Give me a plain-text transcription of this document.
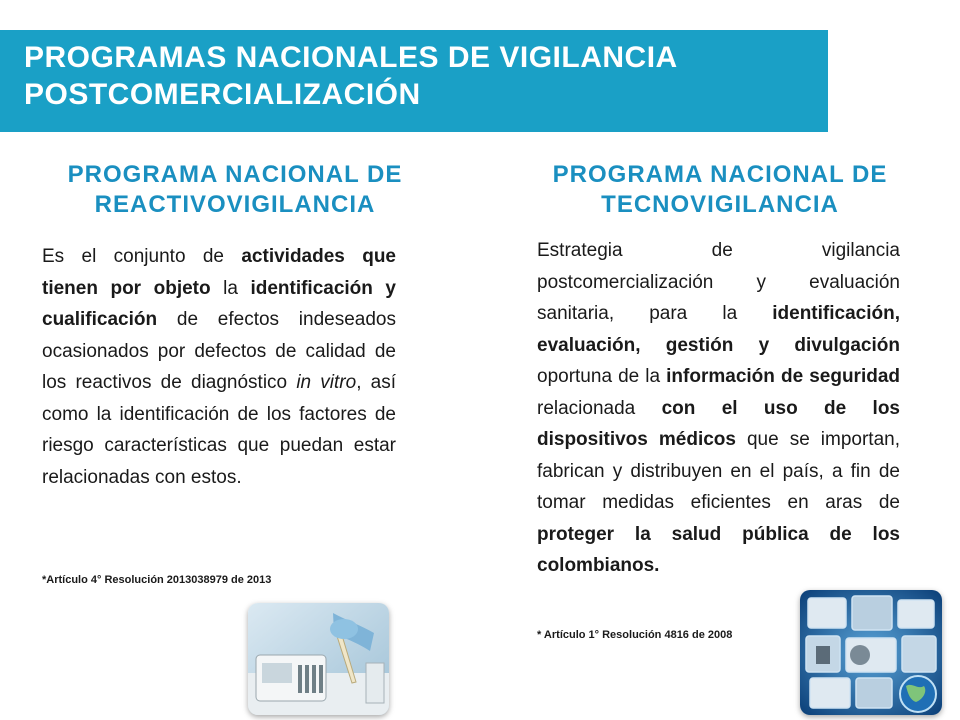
PROGRAMAS NACIONALES DE VIGILANCIA
POSTCOMERCIALIZACIÓN
PROGRAMA NACIONAL DE
REACTIVOVIGILANCIA
PROGRAMA NACIONAL DE
TECNOVIGILANCIA
Es el conjunto de actividades que tienen por objeto la identificación y cualificación de efectos indeseados ocasionados por defectos de calidad de los reactivos de diagnóstico in vitro, así como la identificación de los factores de riesgo características que puedan estar relacionadas con estos.
Estrategia de vigilancia postcomercialización y evaluación sanitaria, para la identificación, evaluación, gestión y divulgación oportuna de la información de seguridad relacionada con el uso de los dispositivos médicos que se importan, fabrican y distribuyen en el país, a fin de tomar medidas eficientes en aras de proteger la salud pública de los colombianos.
*Artículo 4° Resolución 2013038979 de 2013
* Artículo 1° Resolución 4816 de 2008
